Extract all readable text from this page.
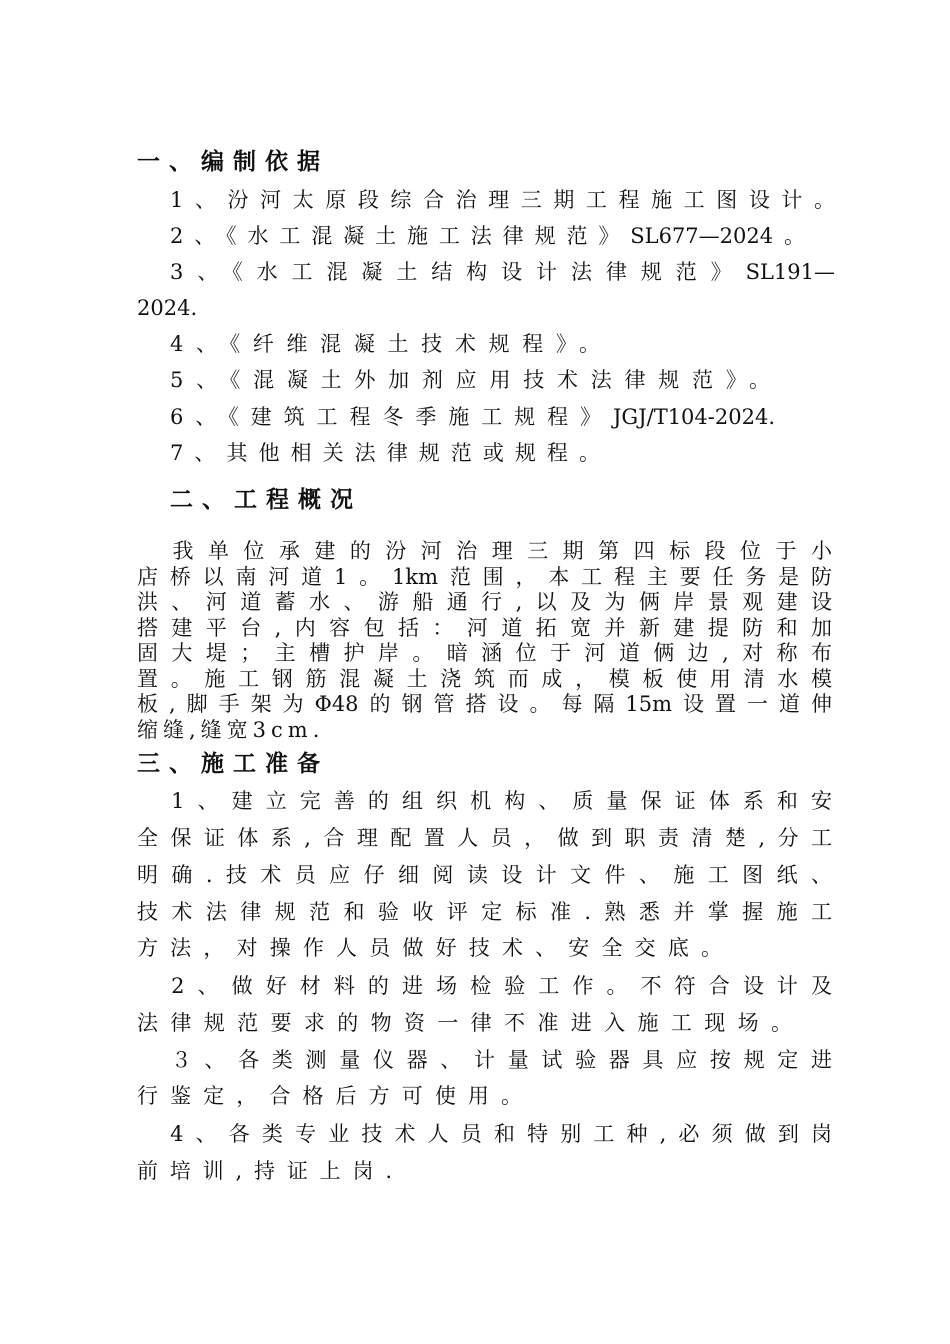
一、编制依据
1、汾河太原段综合治理三期工程施工图设计。
2、《水工混凝土施工法律规范》SL677—2024。
3、《水工混凝土结构设计法律规范》SL191—
2024.
4、《纤维混凝土技术规程》。
5、《混凝土外加剂应用技术法律规范》。
6、《建筑工程冬季施工规程》JGJ/T104-2024.
7、其他相关法律规范或规程。
二、工程概况
　我单位承建的汾河治理三期第四标段位于小
店桥以南河道1。1km范围，本工程主要任务是防
洪、河道蓄水、游船通行,以及为俩岸景观建设
搭建平台,内容包括：河道拓宽并新建提防和加
固大堤；主槽护岸。暗涵位于河道俩边,对称布
置。施工钢筋混凝土浇筑而成，模板使用清水模
板,脚手架为Φ48的钢管搭设。每隔15m设置一道伸
缩缝,缝宽3cm.
三、施工准备
　1、建立完善的组织机构、质量保证体系和安
全保证体系,合理配置人员，做到职责清楚,分工
明确.技术员应仔细阅读设计文件、施工图纸、
技术法律规范和验收评定标准.熟悉并掌握施工
方法，对操作人员做好技术、安全交底。
　2、做好材料的进场检验工作。不符合设计及
法律规范要求的物资一律不准进入施工现场。
　３、各类测量仪器、计量试验器具应按规定进
行鉴定，合格后方可使用。
　4、各类专业技术人员和特别工种,必须做到岗
前培训,持证上岗.
